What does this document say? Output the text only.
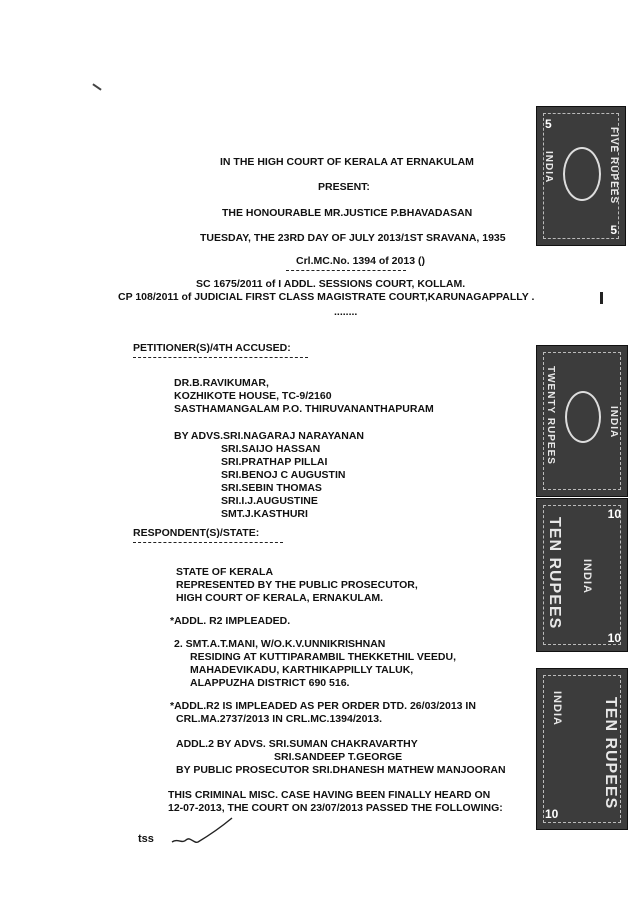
IN THE HIGH COURT OF KERALA AT ERNAKULAM
PRESENT:
THE HONOURABLE MR.JUSTICE P.BHAVADASAN
TUESDAY, THE 23RD DAY OF JULY 2013/1ST SRAVANA, 1935
Crl.MC.No. 1394 of 2013 ()
SC 1675/2011 of I ADDL. SESSIONS COURT, KOLLAM.
CP 108/2011 of JUDICIAL FIRST CLASS MAGISTRATE COURT,KARUNAGAPPALLY .
........
PETITIONER(S)/4TH ACCUSED:
DR.B.RAVIKUMAR,
KOZHIKOTE HOUSE, TC-9/2160
SASTHAMANGALAM P.O. THIRUVANANTHAPURAM
BY ADVS.SRI.NAGARAJ NARAYANAN
SRI.SAIJO HASSAN
SRI.PRATHAP PILLAI
SRI.BENOJ C AUGUSTIN
SRI.SEBIN THOMAS
SRI.I.J.AUGUSTINE
SMT.J.KASTHURI
RESPONDENT(S)/STATE:
STATE OF KERALA
REPRESENTED BY THE PUBLIC PROSECUTOR,
HIGH COURT OF KERALA, ERNAKULAM.
*ADDL. R2 IMPLEADED.
2. SMT.A.T.MANI, W/O.K.V.UNNIKRISHNAN
RESIDING AT KUTTIPARAMBIL THEKKETHIL VEEDU,
MAHADEVIKADU, KARTHIKAPPILLY TALUK,
ALAPPUZHA DISTRICT 690 516.
*ADDL.R2 IS IMPLEADED AS PER ORDER DTD. 26/03/2013 IN
CRL.MA.2737/2013 IN CRL.MC.1394/2013.
ADDL.2 BY ADVS. SRI.SUMAN CHAKRAVARTHY
SRI.SANDEEP T.GEORGE
BY PUBLIC PROSECUTOR SRI.DHANESH MATHEW MANJOORAN
THIS CRIMINAL MISC. CASE HAVING BEEN FINALLY HEARD ON
12-07-2013, THE COURT ON 23/07/2013 PASSED THE FOLLOWING:
tss
5
5
FIVE RUPEES
INDIA
TWENTY RUPEES	INDIA
10
10
TEN RUPEES INDIA
10
TEN RUPEES
INDIA
